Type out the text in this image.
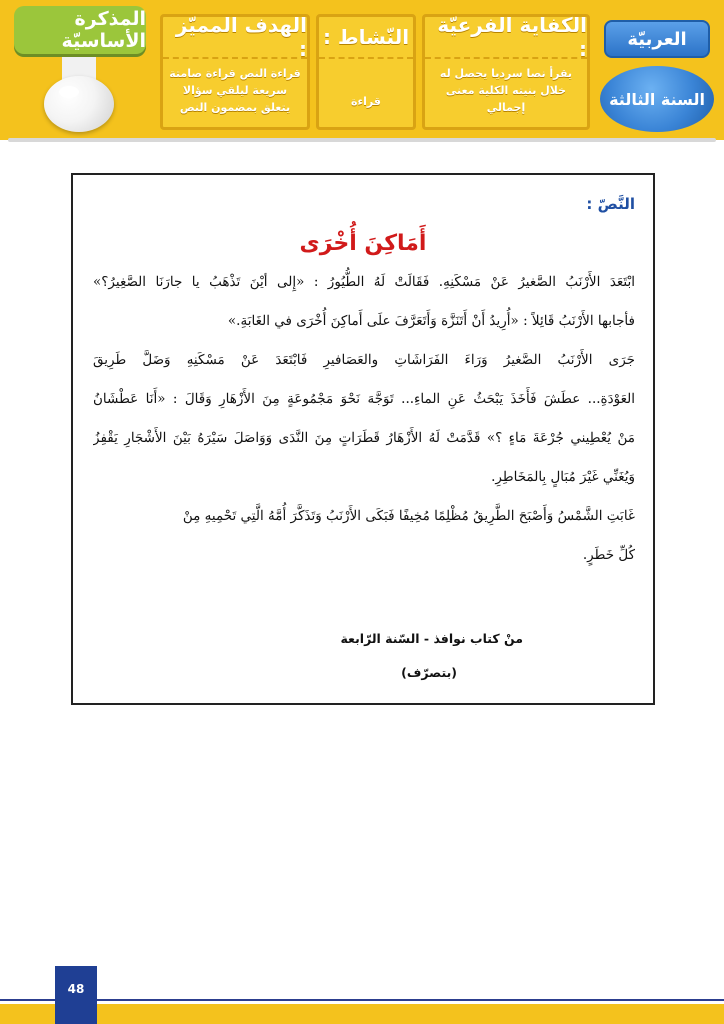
المذكرة الأساسيّة
الهدف المميّز :
قراءة النص قراءة صامتة سريعة ليلقي سؤالا يتعلق بمضمون النص
النّشاط :
قراءة
الكفاية الفرعيّة :
يقرأ نصا سرديا يحصل له خلال بنيته الكلية معنى إجمالي
العربيّة
السنة الثالثة
النَّصّ :
أَمَاكِنَ أُخْرَى
ابْتَعَدَ الأَرْنَبُ الصَّغيرُ عَنْ مَسْكَنِهِ. فَقَالَتْ لَهُ الطُّيُورُ : «إِلى أيْنَ تَذْهَبُ يا جارَنَا الصَّغِيرُ؟»
فأجابها الأَرْنَبُ قَائِلاً : «أُرِيدُ أَنْ أَتَنَزَّهَ وَأَتَعَرَّفَ علَى أَماكِنَ أُخْرَى في الغَابَةِ.»
جَرَى الأَرْنَبُ الصَّغيرُ وَرَاءَ الفَرَاشَاتِ والعَصَافيرِ فَابْتَعَدَ عَنْ مَسْكَنِهِ وَضَلَّ طَرِيقَ
العَوْدَةِ... عطَشَ فَأَخَذَ يَبْحَثُ عَنِ الماءِ... تَوَجَّهَ نَحْوَ مَجْمُوعَةٍ مِنَ الأَزْهَارِ وَقَالَ : «أَنَا عَطْشَانُ
مَنْ يُعْطِيني جُرْعَةَ مَاءٍ ؟» قَدَّمَتْ لَهُ الأَزْهَارُ قَطَرَاتٍ مِنَ النَّدَى وَوَاصَلَ سَيْرَهُ بَيْنَ الأَشْجَارِ يَقْفِزُ
وَيُغَنِّي غَيْرَ مُبَالٍ بِالمَخَاطِرِ.
غَابَتِ الشَّمْسُ وَأَصْبَحَ الطَّرِيقُ مُظْلِمًا مُخِيفًا فَبَكَى الأَرْنَبُ وَتَذَكَّرَ أُمَّهُ الَّتِي تَحْمِيهِ مِنْ
كُلِّ خَطَرٍ.
منْ كتاب نوافذ - السّنة الرّابعة
(بتصرّف)
48
